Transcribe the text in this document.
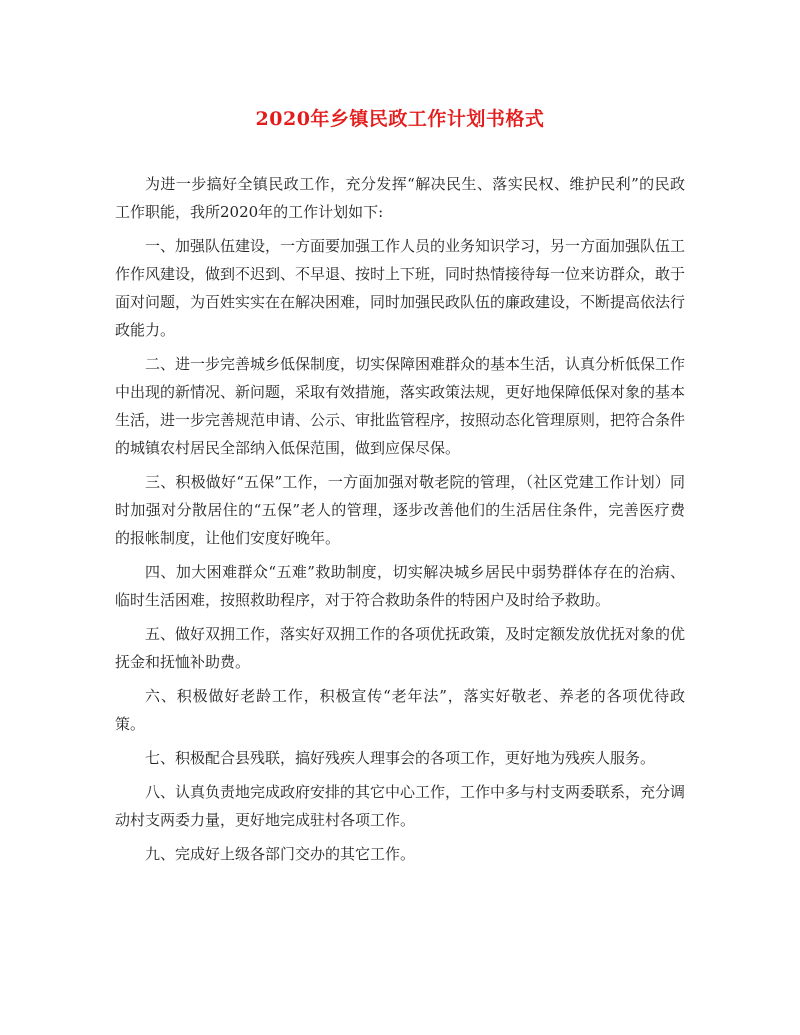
2020年乡镇民政工作计划书格式

为进一步搞好全镇民政工作，充分发挥“解决民生、落实民权、维护民利”的民政工作职能，我所2020年的工作计划如下:

一、加强队伍建设，一方面要加强工作人员的业务知识学习，另一方面加强队伍工作作风建设，做到不迟到、不早退、按时上下班，同时热情接待每一位来访群众，敢于面对问题，为百姓实实在在解决困难，同时加强民政队伍的廉政建设，不断提高依法行政能力。

二、进一步完善城乡低保制度，切实保障困难群众的基本生活，认真分析低保工作中出现的新情况、新问题，采取有效措施，落实政策法规，更好地保障低保对象的基本生活，进一步完善规范申请、公示、审批监管程序，按照动态化管理原则，把符合条件的城镇农村居民全部纳入低保范围，做到应保尽保。

三、积极做好“五保”工作，一方面加强对敬老院的管理，（社区党建工作计划）同时加强对分散居住的“五保”老人的管理，逐步改善他们的生活居住条件，完善医疗费的报帐制度，让他们安度好晚年。

四、加大困难群众“五难”救助制度，切实解决城乡居民中弱势群体存在的治病、临时生活困难，按照救助程序，对于符合救助条件的特困户及时给予救助。

五、做好双拥工作，落实好双拥工作的各项优抚政策，及时定额发放优抚对象的优抚金和抚恤补助费。

六、积极做好老龄工作，积极宣传“老年法”，落实好敬老、养老的各项优待政策。

七、积极配合县残联，搞好残疾人理事会的各项工作，更好地为残疾人服务。

八、认真负责地完成政府安排的其它中心工作，工作中多与村支两委联系，充分调动村支两委力量，更好地完成驻村各项工作。

九、完成好上级各部门交办的其它工作。
